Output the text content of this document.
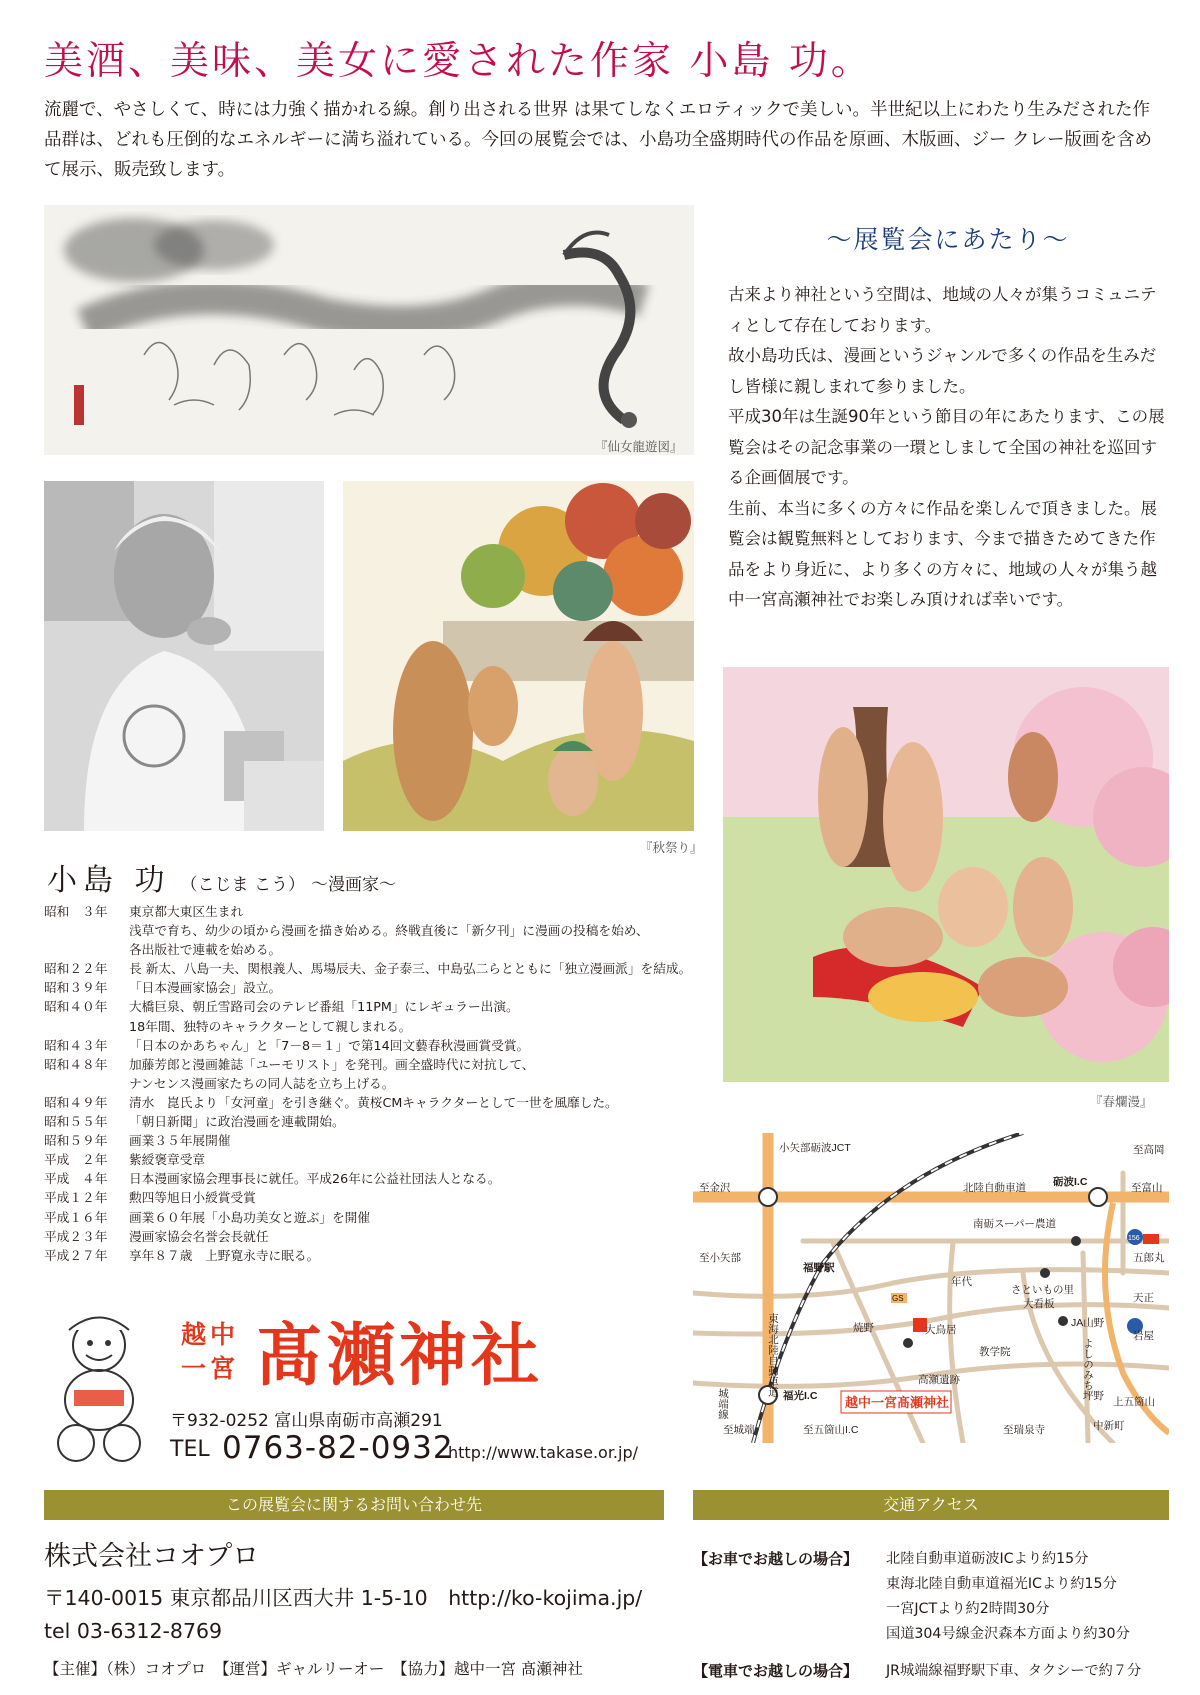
美酒、美味、美女に愛された作家 小島 功。
流麗で、やさしくて、時には力強く描かれる線。創り出される世界 は果てしなくエロティックで美しい。半世紀以上にわたり生みだされた作品群は、どれも圧倒的なエネルギーに満ち溢れている。今回の展覧会では、小島功全盛期時代の作品を原画、木版画、ジー クレー版画を含めて展示、販売致します。
『仙女龍遊図』
『秋祭り』
～展覧会にあたり～
古来より神社という空間は、地域の人々が集うコミュニティとして存在しております。
故小島功氏は、漫画というジャンルで多くの作品を生みだし皆様に親しまれて参りました。
平成30年は生誕90年という節目の年にあたります、この展覧会はその記念事業の一環としまして全国の神社を巡回する企画個展です。
生前、本当に多くの方々に作品を楽しんで頂きました。展覧会は観覧無料としております、今まで描きためてきた作品をより身近に、より多くの方々に、地域の人々が集う越中一宮高瀬神社でお楽しみ頂ければ幸いです。
『春爛漫』
小島 功 （こじま こう） ～漫画家～
昭和　３年	東京都大東区生まれ
浅草で育ち、幼少の頃から漫画を描き始める。終戦直後に「新夕刊」に漫画の投稿を始め、
各出版社で連載を始める。
昭和２２年	長 新太、八島一夫、関根義人、馬場辰夫、金子泰三、中島弘二らとともに「独立漫画派」を結成。
昭和３９年	「日本漫画家協会」設立。
昭和４０年	大橋巨泉、朝丘雪路司会のテレビ番組「11PM」にレギュラー出演。
18年間、独特のキャラクターとして親しまれる。
昭和４３年	「日本のかあちゃん」と「7－8＝１」で第14回文藝春秋漫画賞受賞。
昭和４８年	加藤芳郎と漫画雑誌「ユーモリスト」を発刊。画全盛時代に対抗して、
ナンセンス漫画家たちの同人誌を立ち上げる。
昭和４９年	清水　崑氏より「女河童」を引き継ぐ。黄桜CMキャラクターとして一世を風靡した。
昭和５５年	「朝日新聞」に政治漫画を連載開始。
昭和５９年	画業３５年展開催
平成　２年	紫綬褒章受章
平成　４年	日本漫画家協会理事長に就任。平成26年に公益社団法人となる。
平成１２年	勲四等旭日小綬賞受賞
平成１６年	画業６０年展「小島功美女と遊ぶ」を開催
平成２３年	漫画家協会名誉会長就任
平成２７年	享年８７歳　上野寛永寺に眠る。
越中一宮 髙瀬神社
〒932-0252 富山県南砺市高瀬291
TEL 0763-82-0932
http://www.takase.or.jp/
至金沢
小矢部砺波JCT
至小矢部
砺波I.C
至高岡
至富山
北陸自動車道
南砺スーパー農道
五郎丸
福野駅
年代
東海北陸自動車道
さといもの里
大看板	天正
焼野	大鳥居
JA山野
岩屋
教学院
高瀬遺跡	よしのみち
城端線	福光I.C	坪野 上五箇山
至城端	至五箇山I.C	至瑞泉寺	中新町
GS
156
越中一宮髙瀬神社
この展覧会に関するお問い合わせ先	交通アクセス
株式会社コオプロ
〒140-0015 東京都品川区西大井 1-5-10　http://ko-kojima.jp/
tel 03-6312-8769
【主催】（株）コオプロ　【運営】ギャルリーオー　【協力】越中一宮 髙瀬神社
【お車でお越しの場合】	北陸自動車道砺波ICより約15分
東海北陸自動車道福光ICより約15分
一宮JCTより約2時間30分
国道304号線金沢森本方面より約30分
【電車でお越しの場合】	JR城端線福野駅下車、タクシーで約７分
